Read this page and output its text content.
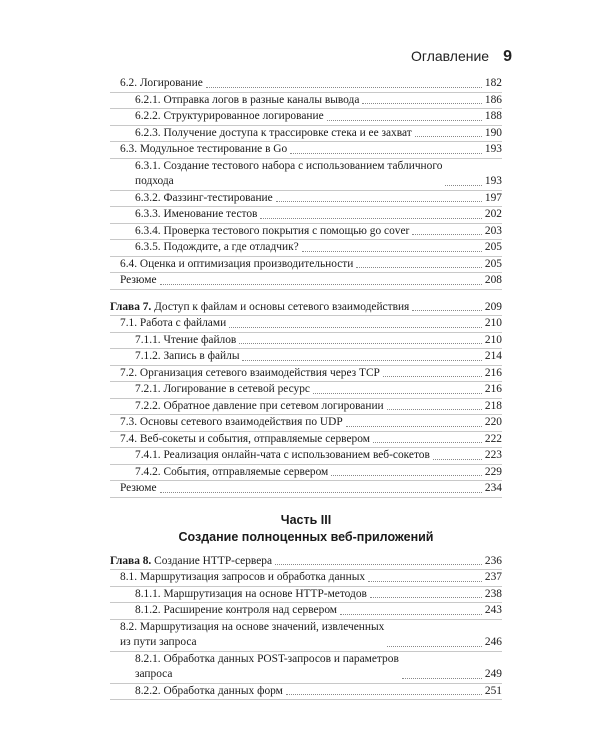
Оглавление 9
6.2. Логирование	182
6.2.1. Отправка логов в разные каналы вывода	186
6.2.2. Структурированное логирование	188
6.2.3. Получение доступа к трассировке стека и ее захват	190
6.3. Модульное тестирование в Go	193
6.3.1. Создание тестового набора с использованием табличного
подхода	193
6.3.2. Фаззинг-тестирование	197
6.3.3. Именование тестов	202
6.3.4. Проверка тестового покрытия с помощью go cover	203
6.3.5. Подождите, а где отладчик?	205
6.4. Оценка и оптимизация производительности	205
Резюме	208
Глава 7. Доступ к файлам и основы сетевого взаимодействия	209
7.1. Работа с файлами	210
7.1.1. Чтение файлов	210
7.1.2. Запись в файлы	214
7.2. Организация сетевого взаимодействия через TCP	216
7.2.1. Логирование в сетевой ресурс	216
7.2.2. Обратное давление при сетевом логировании	218
7.3. Основы сетевого взаимодействия по UDP	220
7.4. Веб-сокеты и события, отправляемые сервером	222
7.4.1. Реализация онлайн-чата с использованием веб-сокетов	223
7.4.2. События, отправляемые сервером	229
Резюме	234
Часть III
Создание полноценных веб-приложений
Глава 8. Создание HTTP-сервера	236
8.1. Маршрутизация запросов и обработка данных	237
8.1.1. Маршрутизация на основе HTTP-методов	238
8.1.2. Расширение контроля над сервером	243
8.2. Маршрутизация на основе значений, извлеченных
из пути запроса	246
8.2.1. Обработка данных POST-запросов и параметров
запроса	249
8.2.2. Обработка данных форм	251
